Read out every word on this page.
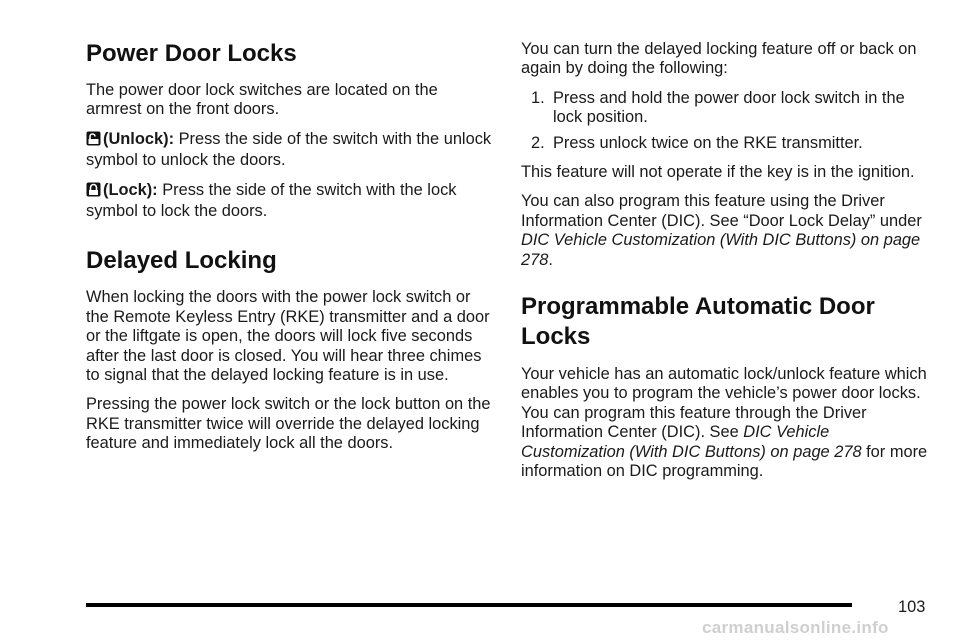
Power Door Locks

The power door lock switches are located on the armrest on the front doors.

(Unlock): Press the side of the switch with the unlock symbol to unlock the doors.

(Lock): Press the side of the switch with the lock symbol to lock the doors.

Delayed Locking

When locking the doors with the power lock switch or the Remote Keyless Entry (RKE) transmitter and a door or the liftgate is open, the doors will lock five seconds after the last door is closed. You will hear three chimes to signal that the delayed locking feature is in use.

Pressing the power lock switch or the lock button on the RKE transmitter twice will override the delayed locking feature and immediately lock all the doors.

You can turn the delayed locking feature off or back on again by doing the following:

1. Press and hold the power door lock switch in the lock position.
2. Press unlock twice on the RKE transmitter.

This feature will not operate if the key is in the ignition.

You can also program this feature using the Driver Information Center (DIC). See “Door Lock Delay” under DIC Vehicle Customization (With DIC Buttons) on page 278.

Programmable Automatic Door Locks

Your vehicle has an automatic lock/unlock feature which enables you to program the vehicle’s power door locks. You can program this feature through the Driver Information Center (DIC). See DIC Vehicle Customization (With DIC Buttons) on page 278 for more information on DIC programming.

103
carmanualsonline.info
